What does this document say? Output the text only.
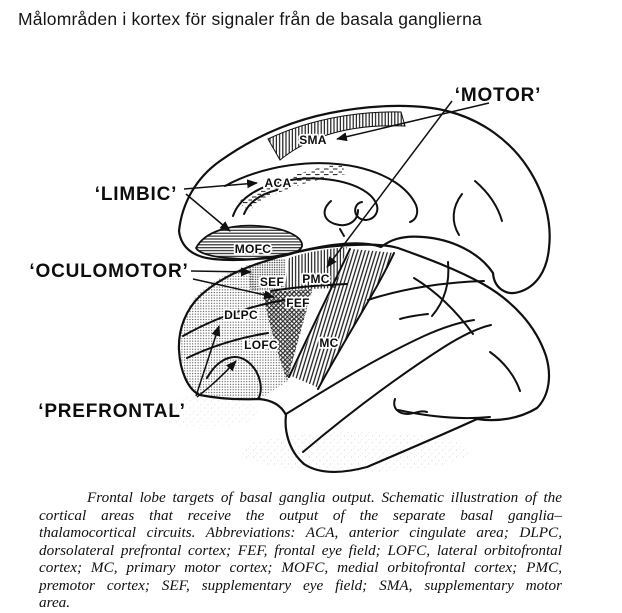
Målområden i kortex för signaler från de basala ganglierna
SMA
ACA
MOFC
SEF PMC
FEF
DLPC
LOFC	MC
‘MOTOR’
‘LIMBIC’
‘OCULOMOTOR’
‘PREFRONTAL’
Frontal lobe targets of basal ganglia output. Schematic illustration of the
cortical areas that receive the output of the separate basal ganglia–
thalamocortical circuits. Abbreviations: ACA, anterior cingulate area; DLPC,
dorsolateral prefrontal cortex; FEF, frontal eye field; LOFC, lateral orbitofrontal
cortex; MC, primary motor cortex; MOFC, medial orbitofrontal cortex; PMC,
premotor cortex; SEF, supplementary eye field; SMA, supplementary motor
area.
